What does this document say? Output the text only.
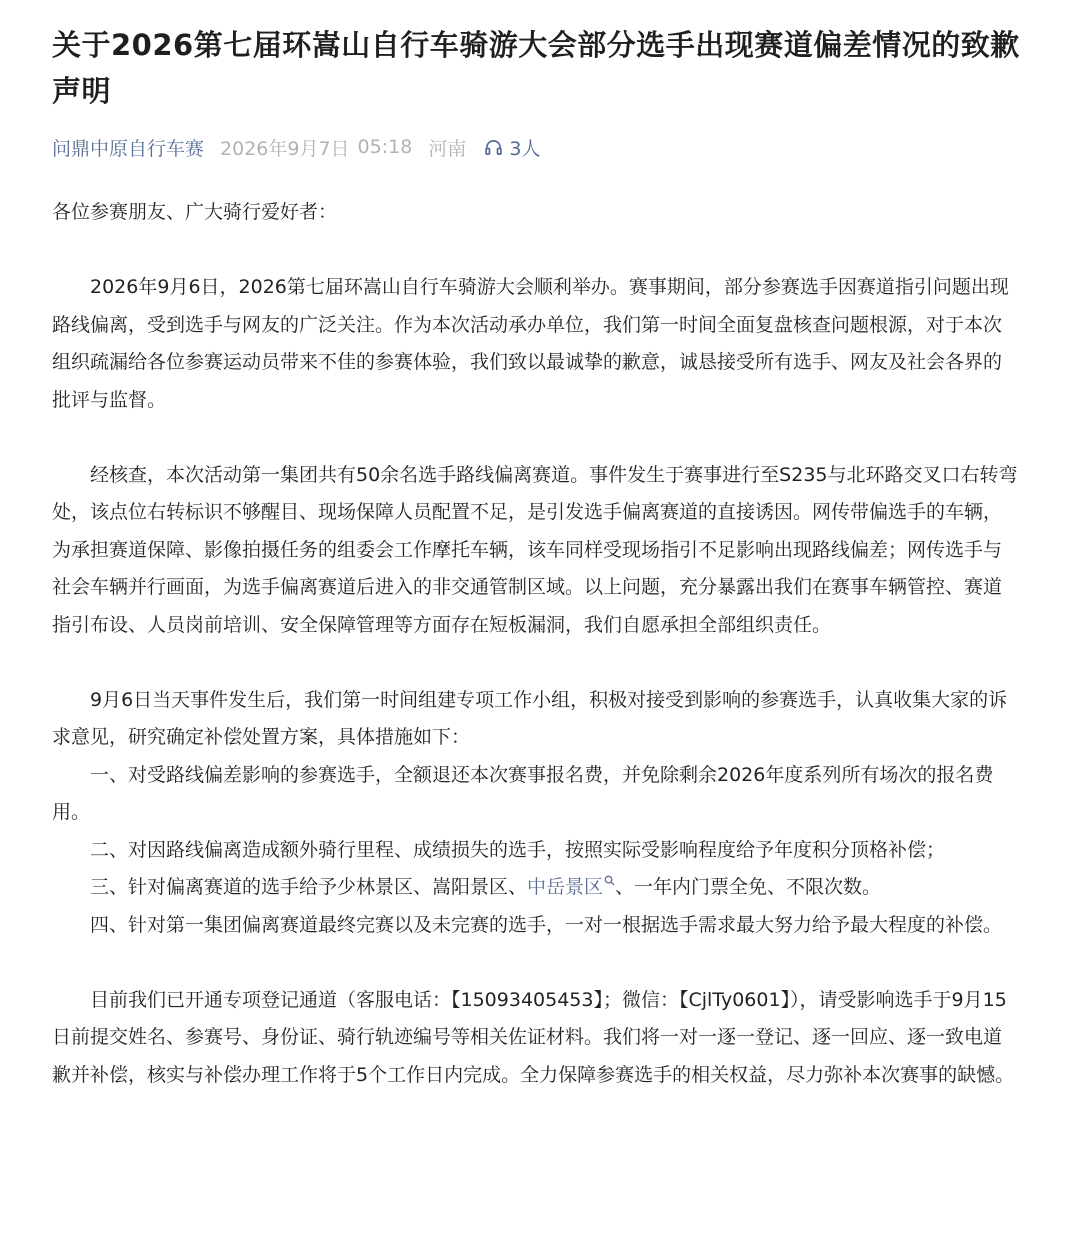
关于2026第七届环嵩山自行车骑游大会部分选手出现赛道偏差情况的致歉声明
问鼎中原自行车赛 2026年9月7日 05:18 河南 3人

各位参赛朋友、广大骑行爱好者：

2026年9月6日，2026第七届环嵩山自行车骑游大会顺利举办。赛事期间，部分参赛选手因赛道指引问题出现路线偏离，受到选手与网友的广泛关注。作为本次活动承办单位，我们第一时间全面复盘核查问题根源，对于本次组织疏漏给各位参赛运动员带来不佳的参赛体验，我们致以最诚挚的歉意，诚恳接受所有选手、网友及社会各界的批评与监督。

经核查，本次活动第一集团共有50余名选手路线偏离赛道。事件发生于赛事进行至S235与北环路交叉口右转弯处，该点位右转标识不够醒目、现场保障人员配置不足，是引发选手偏离赛道的直接诱因。网传带偏选手的车辆，为承担赛道保障、影像拍摄任务的组委会工作摩托车辆，该车同样受现场指引不足影响出现路线偏差；网传选手与社会车辆并行画面，为选手偏离赛道后进入的非交通管制区域。以上问题，充分暴露出我们在赛事车辆管控、赛道指引布设、人员岗前培训、安全保障管理等方面存在短板漏洞，我们自愿承担全部组织责任。

9月6日当天事件发生后，我们第一时间组建专项工作小组，积极对接受到影响的参赛选手，认真收集大家的诉求意见，研究确定补偿处置方案，具体措施如下：

一、对受路线偏差影响的参赛选手，全额退还本次赛事报名费，并免除剩余2026年度系列所有场次的报名费用。

二、对因路线偏离造成额外骑行里程、成绩损失的选手，按照实际受影响程度给予年度积分顶格补偿；

三、针对偏离赛道的选手给予少林景区、嵩阳景区、中岳景区 、一年内门票全免、不限次数。

四、针对第一集团偏离赛道最终完赛以及未完赛的选手，一对一根据选手需求最大努力给予最大程度的补偿。

目前我们已开通专项登记通道（客服电话：【15093405453】；微信：【CjlTy0601】），请受影响选手于9月15日前提交姓名、参赛号、身份证、骑行轨迹编号等相关佐证材料。我们将一对一逐一登记、逐一回应、逐一致电道歉并补偿，核实与补偿办理工作将于5个工作日内完成。全力保障参赛选手的相关权益，尽力弥补本次赛事的缺憾。
